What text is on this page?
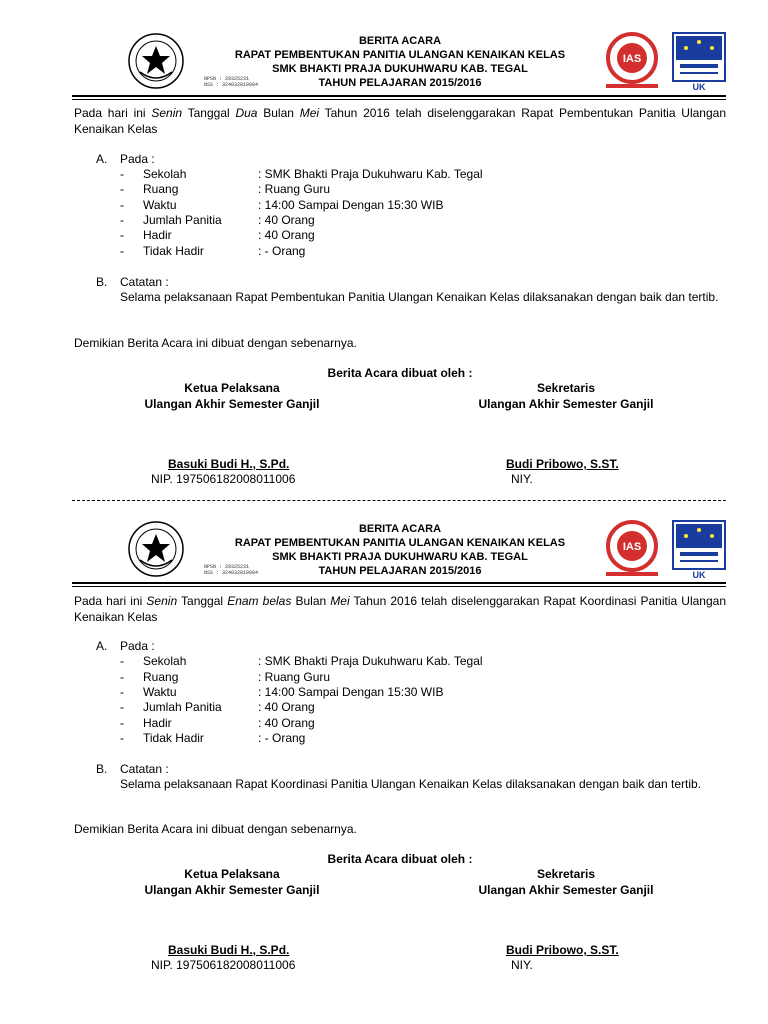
NPSN : 20325231
NSS : 324032818004
BERITA ACARA
RAPAT PEMBENTUKAN PANITIA ULANGAN KENAIKAN KELAS
SMK BHAKTI PRAJA DUKUHWARU KAB. TEGAL
TAHUN PELAJARAN 2015/2016
IAS
UK
Pada hari ini Senin Tanggal Dua Bulan Mei Tahun 2016 telah diselenggarakan Rapat Pembentukan Panitia Ulangan Kenaikan Kelas
A. Pada :
- Sekolah	: SMK Bhakti Praja Dukuhwaru Kab. Tegal
- Ruang	: Ruang Guru
- Waktu	: 14:00 Sampai Dengan 15:30 WIB
- Jumlah Panitia	: 40 Orang
- Hadir	: 40 Orang
- Tidak Hadir	: - Orang
B. Catatan :
Selama pelaksanaan Rapat Pembentukan Panitia Ulangan Kenaikan Kelas dilaksanakan dengan baik dan tertib.
Demikian Berita Acara ini dibuat dengan sebenarnya.
Berita Acara dibuat oleh :
Ketua Pelaksana
Ulangan Akhir Semester Ganjil
Sekretaris
Ulangan Akhir Semester Ganjil
Basuki Budi H., S.Pd.
NIP. 197506182008011006
Budi Pribowo, S.ST.
NIY.
NPSN : 20325231
NSS : 324032818004
BERITA ACARA
RAPAT PEMBENTUKAN PANITIA ULANGAN KENAIKAN KELAS
SMK BHAKTI PRAJA DUKUHWARU KAB. TEGAL
TAHUN PELAJARAN 2015/2016
IAS
UK
Pada hari ini Senin Tanggal Enam belas Bulan Mei Tahun 2016 telah diselenggarakan Rapat Koordinasi Panitia Ulangan Kenaikan Kelas
A. Pada :
- Sekolah	: SMK Bhakti Praja Dukuhwaru Kab. Tegal
- Ruang	: Ruang Guru
- Waktu	: 14:00 Sampai Dengan 15:30 WIB
- Jumlah Panitia	: 40 Orang
- Hadir	: 40 Orang
- Tidak Hadir	: - Orang
B. Catatan :
Selama pelaksanaan Rapat Koordinasi Panitia Ulangan Kenaikan Kelas dilaksanakan dengan baik dan tertib.
Demikian Berita Acara ini dibuat dengan sebenarnya.
Berita Acara dibuat oleh :
Ketua Pelaksana
Ulangan Akhir Semester Ganjil
Sekretaris
Ulangan Akhir Semester Ganjil
Basuki Budi H., S.Pd.
NIP. 197506182008011006
Budi Pribowo, S.ST.
NIY.
